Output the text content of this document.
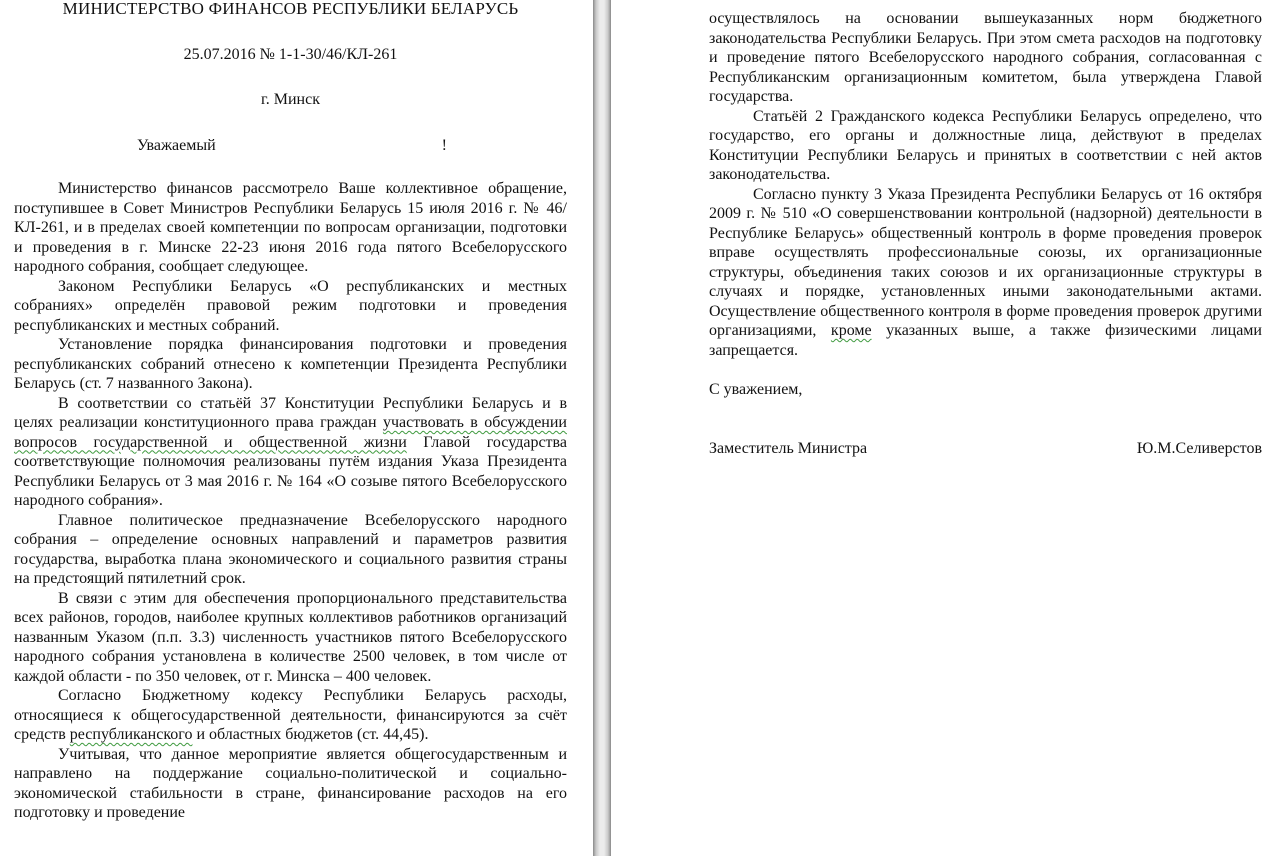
МИНИСТЕРСТВО ФИНАНСОВ РЕСПУБЛИКИ БЕЛАРУСЬ

25.07.2016 № 1-1-30/46/КЛ-261

г. Минск

Уважаемый	!

Министерство финансов рассмотрело Ваше коллективное обращение, поступившее в Совет Министров Республики Беларусь 15 июля 2016 г. № 46/КЛ-261, и в пределах своей компетенции по вопросам организации, подготовки и проведения в г. Минске 22-23 июня 2016 года пятого Всебелорусского народного собрания, сообщает следующее.

Законом Республики Беларусь «О республиканских и местных собраниях» определён правовой режим подготовки и проведения республиканских и местных собраний.

Установление порядка финансирования подготовки и проведения республиканских собраний отнесено к компетенции Президента Республики Беларусь (ст. 7 названного Закона).

В соответствии со статьёй 37 Конституции Республики Беларусь и в целях реализации конституционного права граждан участвовать в обсуждении вопросов государственной и общественной жизни Главой государства соответствующие полномочия реализованы путём издания Указа Президента Республики Беларусь от 3 мая 2016 г. № 164 «О созыве пятого Всебелорусского народного собрания».

Главное политическое предназначение Всебелорусского народного собрания – определение основных направлений и параметров развития государства, выработка плана экономического и социального развития страны на предстоящий пятилетний срок.

В связи с этим для обеспечения пропорционального представительства всех районов, городов, наиболее крупных коллективов работников организаций названным Указом (п.п. 3.3) численность участников пятого Всебелорусского народного собрания установлена в количестве 2500 человек, в том числе от каждой области - по 350 человек, от г. Минска – 400 человек.

Согласно Бюджетному кодексу Республики Беларусь расходы, относящиеся к общегосударственной деятельности, финансируются за счёт средств республиканского и областных бюджетов (ст. 44,45).

Учитывая, что данное мероприятие является общегосударственным и направлено на поддержание социально-политической и социально-экономической стабильности в стране, финансирование расходов на его подготовку и проведение

осуществлялось на основании вышеуказанных норм бюджетного законодательства Республики Беларусь. При этом смета расходов на подготовку и проведение пятого Всебелорусского народного собрания, согласованная с Республиканским организационным комитетом, была утверждена Главой государства.

Статьёй 2 Гражданского кодекса Республики Беларусь определено, что государство, его органы и должностные лица, действуют в пределах Конституции Республики Беларусь и принятых в соответствии с ней актов законодательства.

Согласно пункту 3 Указа Президента Республики Беларусь от 16 октября 2009 г. № 510 «О совершенствовании контрольной (надзорной) деятельности в Республике Беларусь» общественный контроль в форме проведения проверок вправе осуществлять профессиональные союзы, их организационные структуры, объединения таких союзов и их организационные структуры в случаях и порядке, установленных иными законодательными актами. Осуществление общественного контроля в форме проведения проверок другими организациями, кроме указанных выше, а также физическими лицами запрещается.

С уважением,

Заместитель Министра	Ю.М.Селиверстов
